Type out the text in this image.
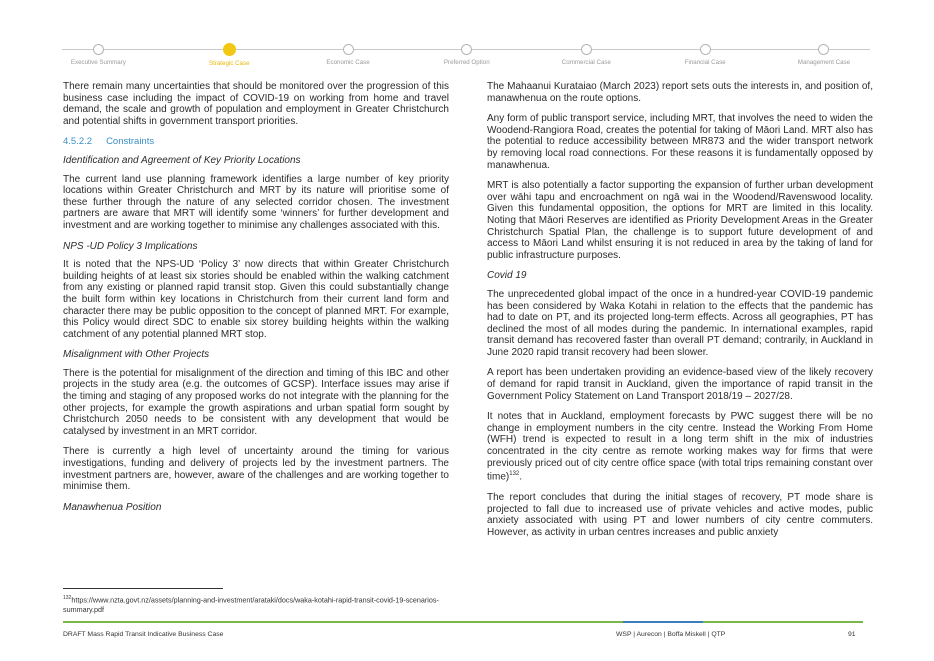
Executive Summary	Strategic Case	Economic Case	Preferred Option	Commercial Case	Financial Case	Management Case

There remain many uncertainties that should be monitored over the progression of this business case including the impact of COVID-19 on working from home and travel demand, the scale and growth of population and employment in Greater Christchurch and potential shifts in government transport priorities.

4.5.2.2 Constraints

Identification and Agreement of Key Priority Locations

The current land use planning framework identifies a large number of key priority locations within Greater Christchurch and MRT by its nature will prioritise some of these further through the nature of any selected corridor chosen. The investment partners are aware that MRT will identify some ‘winners’ for further development and investment and are working together to minimise any challenges associated with this.

NPS -UD Policy 3 Implications

It is noted that the NPS-UD ‘Policy 3’ now directs that within Greater Christchurch building heights of at least six stories should be enabled within the walking catchment from any existing or planned rapid transit stop. Given this could substantially change the built form within key locations in Christchurch from their current land form and character there may be public opposition to the concept of planned MRT. For example, this Policy would direct SDC to enable six storey building heights within the walking catchment of any potential planned MRT stop.

Misalignment with Other Projects

There is the potential for misalignment of the direction and timing of this IBC and other projects in the study area (e.g. the outcomes of GCSP). Interface issues may arise if the timing and staging of any proposed works do not integrate with the planning for the other projects, for example the growth aspirations and urban spatial form sought by Christchurch 2050 needs to be consistent with any development that would be catalysed by investment in an MRT corridor.

There is currently a high level of uncertainty around the timing for various investigations, funding and delivery of projects led by the investment partners. The investment partners are, however, aware of the challenges and are working together to minimise them.

Manawhenua Position

The Mahaanui Kurataiao (March 2023) report sets outs the interests in, and position of, manawhenua on the route options.

Any form of public transport service, including MRT, that involves the need to widen the Woodend-Rangiora Road, creates the potential for taking of Māori Land. MRT also has the potential to reduce accessibility between MR873 and the wider transport network by removing local road connections. For these reasons it is fundamentally opposed by manawhenua.

MRT is also potentially a factor supporting the expansion of further urban development over wāhi tapu and encroachment on ngā wai in the Woodend/Ravenswood locality. Given this fundamental opposition, the options for MRT are limited in this locality. Noting that Māori Reserves are identified as Priority Development Areas in the Greater Christchurch Spatial Plan, the challenge is to support future development of and access to Māori Land whilst ensuring it is not reduced in area by the taking of land for public infrastructure purposes.

Covid 19

The unprecedented global impact of the once in a hundred-year COVID-19 pandemic has been considered by Waka Kotahi in relation to the effects that the pandemic has had to date on PT, and its projected long-term effects. Across all geographies, PT has declined the most of all modes during the pandemic. In international examples, rapid transit demand has recovered faster than overall PT demand; contrarily, in Auckland in June 2020 rapid transit recovery had been slower.

A report has been undertaken providing an evidence-based view of the likely recovery of demand for rapid transit in Auckland, given the importance of rapid transit in the Government Policy Statement on Land Transport 2018/19 – 2027/28.

It notes that in Auckland, employment forecasts by PWC suggest there will be no change in employment numbers in the city centre. Instead the Working From Home (WFH) trend is expected to result in a long term shift in the mix of industries concentrated in the city centre as remote working makes way for firms that were previously priced out of city centre office space (with total trips remaining constant over time)$^{132}$.

The report concludes that during the initial stages of recovery, PT mode share is projected to fall due to increased use of private vehicles and active modes, public anxiety associated with using PT and lower numbers of city centre commuters. However, as activity in urban centres increases and public anxiety

$^{132}$https://www.nzta.govt.nz/assets/planning-and-investment/arataki/docs/waka-kotahi-rapid-transit-covid-19-scenarios-summary.pdf
DRAFT Mass Rapid Transit Indicative Business Case	WSP | Aurecon | Boffa Miskell | QTP	91
